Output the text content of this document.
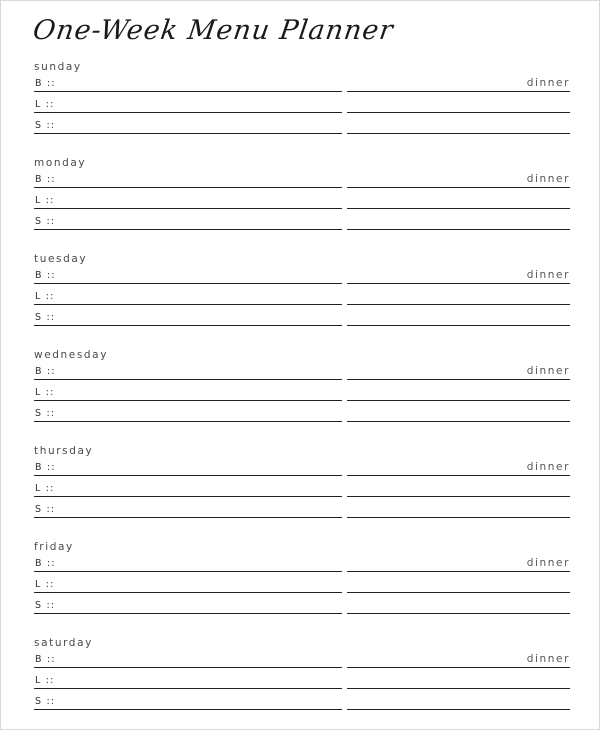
One-Week Menu Planner
sunday
B ::	dinner
L ::
S ::
monday
B ::	dinner
L ::
S ::
tuesday
B ::	dinner
L ::
S ::
wednesday
B ::	dinner
L ::
S ::
thursday
B ::	dinner
L ::
S ::
friday
B ::	dinner
L ::
S ::
saturday
B ::	dinner
L ::
S ::
